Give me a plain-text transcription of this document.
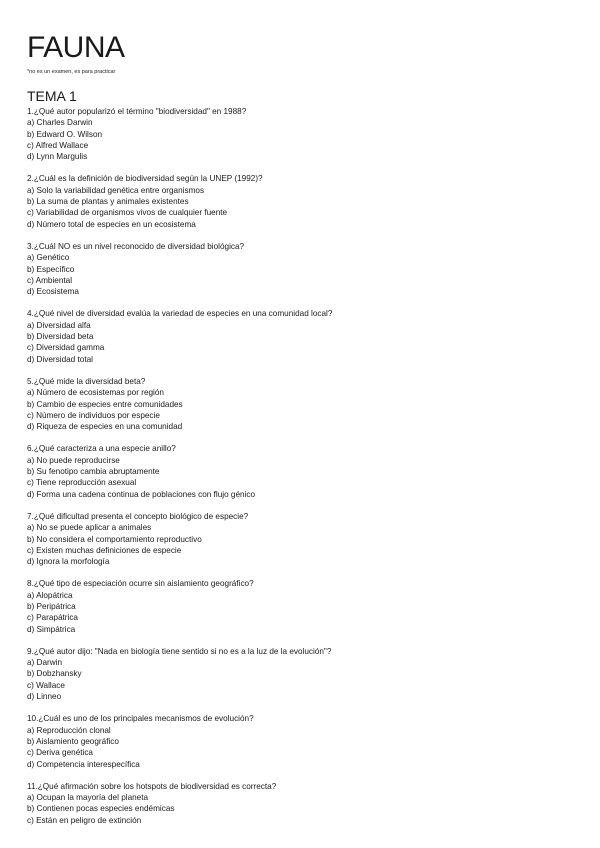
FAUNA
*no es un examen, es para practicar
TEMA 1
1.¿Qué autor popularizó el término "biodiversidad" en 1988?
a) Charles Darwin
b) Edward O. Wilson
c) Alfred Wallace
d) Lynn Margulis
2.¿Cuál es la definición de biodiversidad según la UNEP (1992)?
a) Solo la variabilidad genética entre organismos
b) La suma de plantas y animales existentes
c) Variabilidad de organismos vivos de cualquier fuente
d) Número total de especies en un ecosistema
3.¿Cuál NO es un nivel reconocido de diversidad biológica?
a) Genético
b) Específico
c) Ambiental
d) Ecosistema
4.¿Qué nivel de diversidad evalúa la variedad de especies en una comunidad local?
a) Diversidad alfa
b) Diversidad beta
c) Diversidad gamma
d) Diversidad total
5.¿Qué mide la diversidad beta?
a) Número de ecosistemas por región
b) Cambio de especies entre comunidades
c) Número de individuos por especie
d) Riqueza de especies en una comunidad
6.¿Qué caracteriza a una especie anillo?
a) No puede reproducirse
b) Su fenotipo cambia abruptamente
c) Tiene reproducción asexual
d) Forma una cadena continua de poblaciones con flujo génico
7.¿Qué dificultad presenta el concepto biológico de especie?
a) No se puede aplicar a animales
b) No considera el comportamiento reproductivo
c) Existen muchas definiciones de especie
d) Ignora la morfología
8.¿Qué tipo de especiación ocurre sin aislamiento geográfico?
a) Alopátrica
b) Peripátrica
c) Parapátrica
d) Simpátrica
9.¿Qué autor dijo: "Nada en biología tiene sentido si no es a la luz de la evolución"?
a) Darwin
b) Dobzhansky
c) Wallace
d) Linneo
10.¿Cuál es uno de los principales mecanismos de evolución?
a) Reproducción clonal
b) Aislamiento geográfico
c) Deriva genética
d) Competencia interespecífica
11.¿Qué afirmación sobre los hotspots de biodiversidad es correcta?
a) Ocupan la mayoría del planeta
b) Contienen pocas especies endémicas
c) Están en peligro de extinción
